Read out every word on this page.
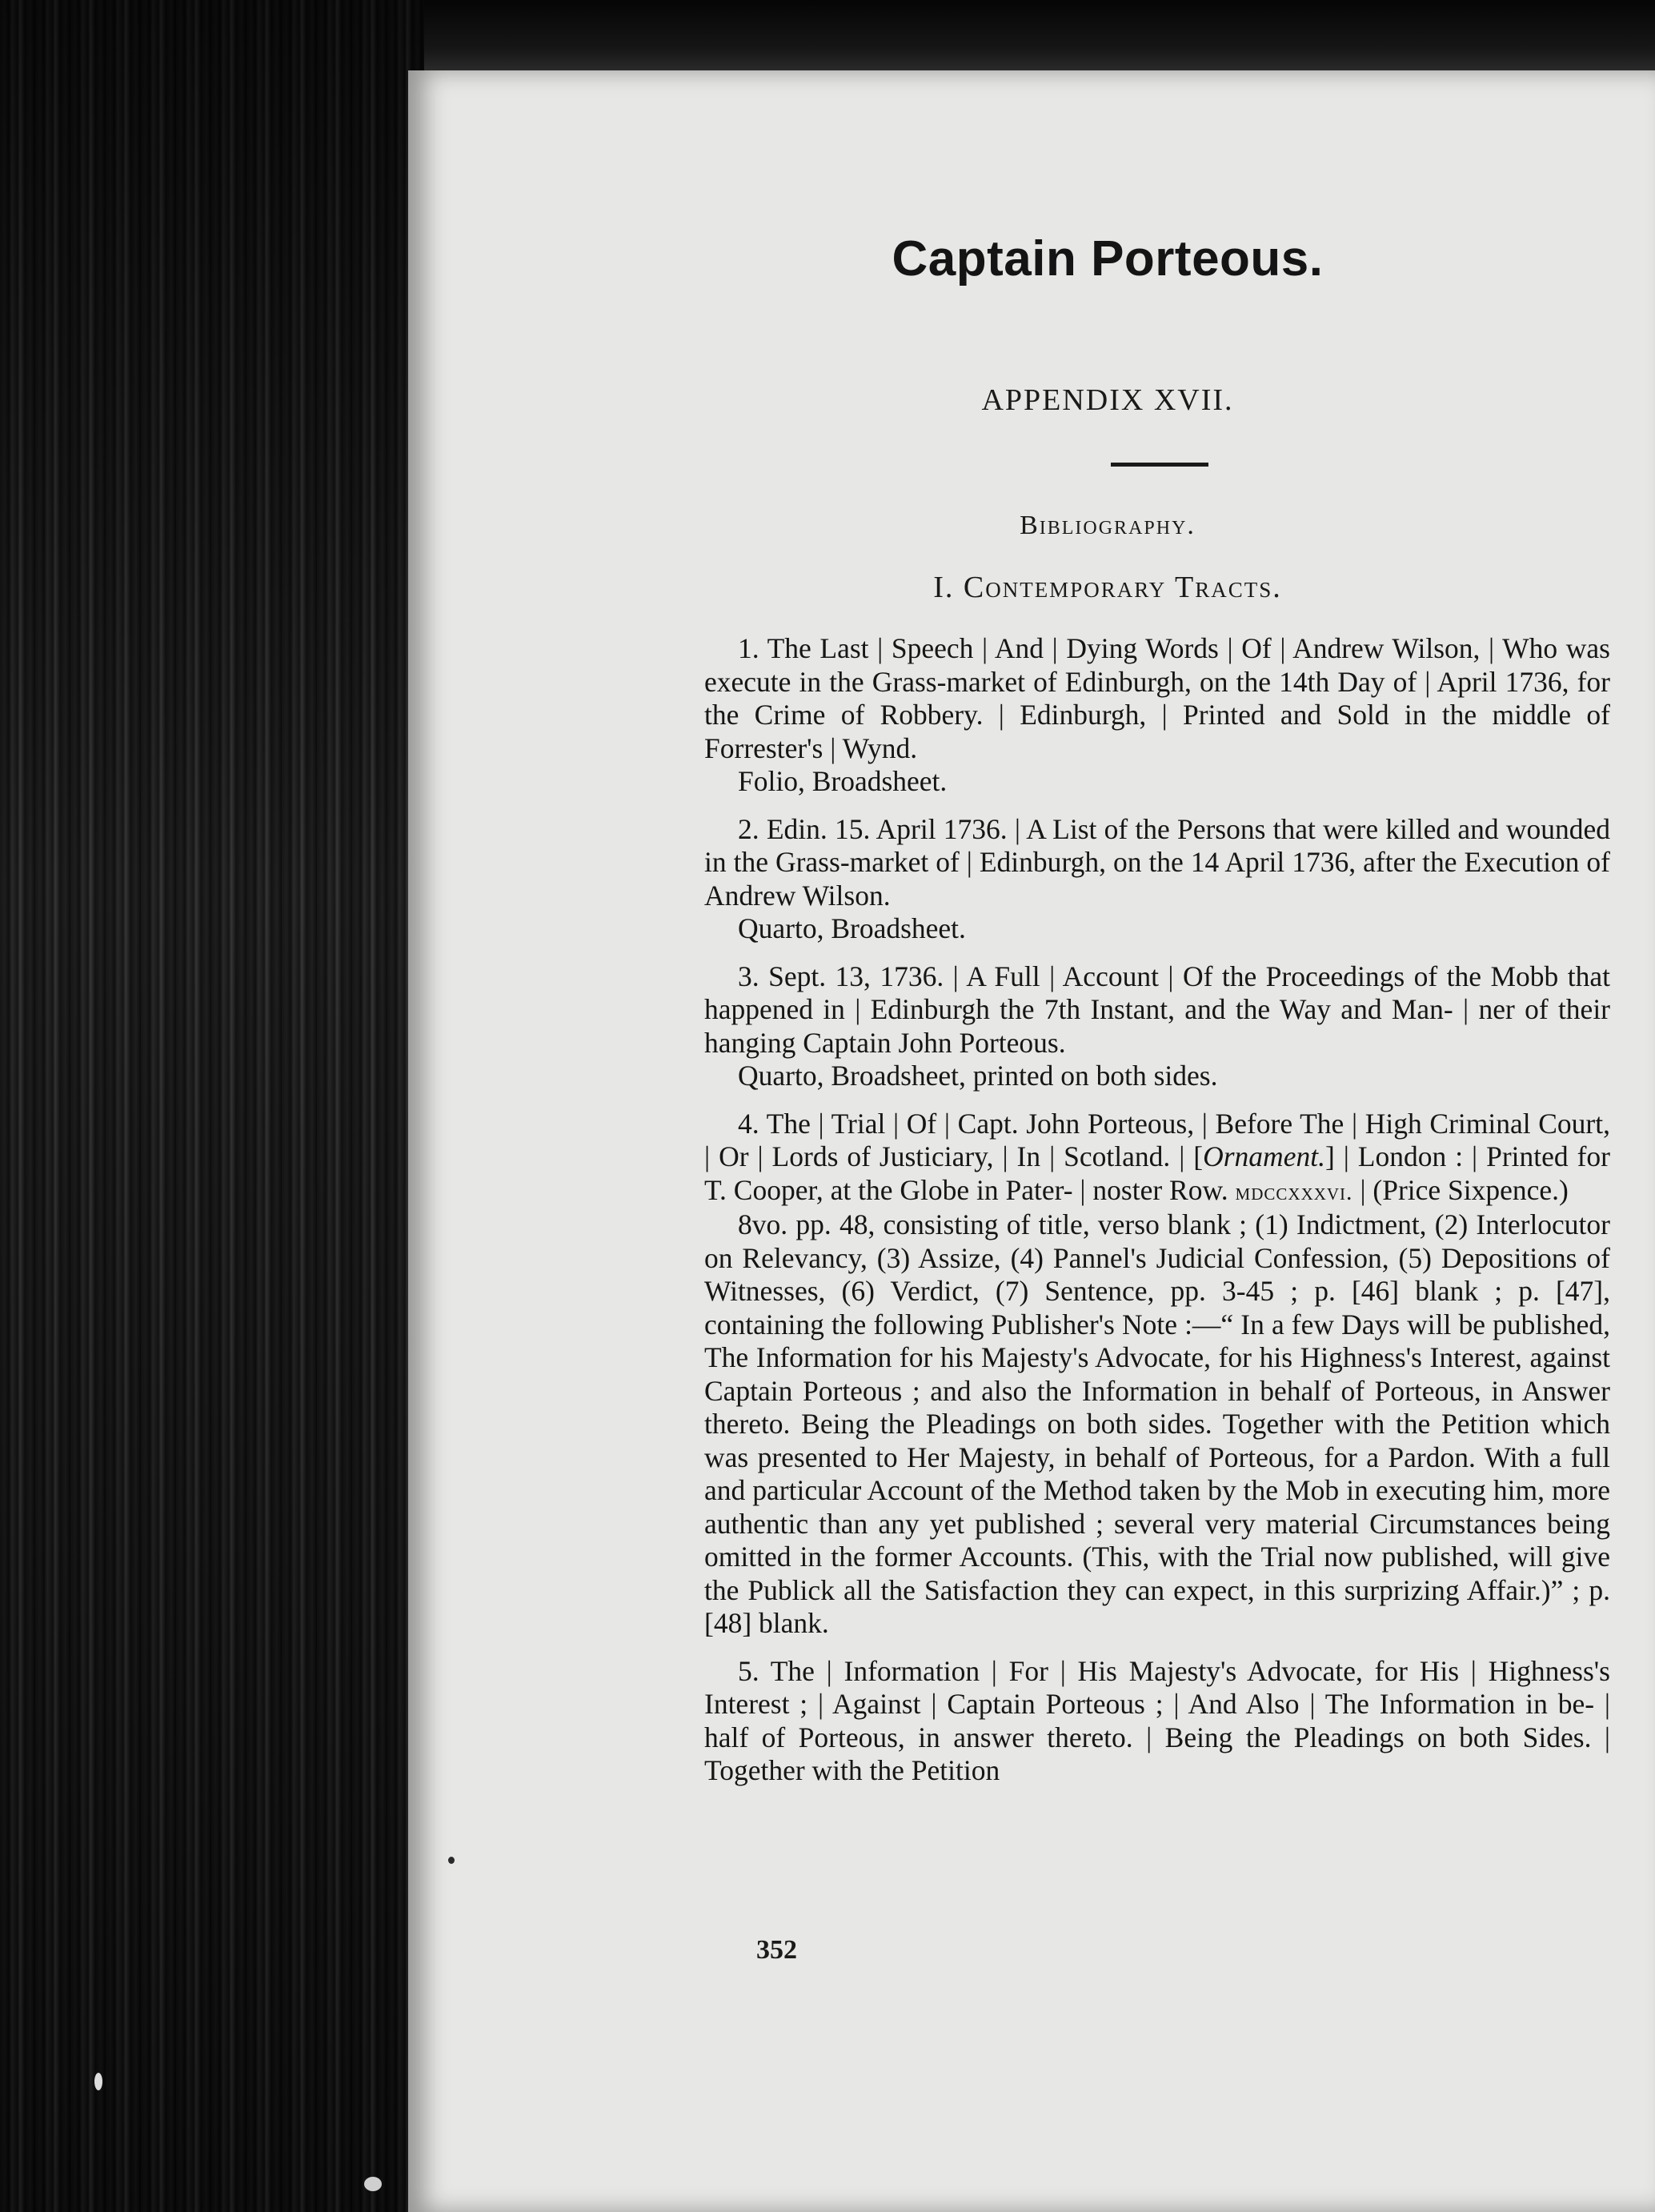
Captain Porteous.
APPENDIX XVII.
Bibliography.
I. Contemporary Tracts.

1. The Last | Speech | And | Dying Words | Of | Andrew Wilson, | Who was execute in the Grass-market of Edinburgh, on the 14th Day of | April 1736, for the Crime of Robbery. | Edinburgh, | Printed and Sold in the middle of Forrester's | Wynd.

Folio, Broadsheet.

2. Edin. 15. April 1736. | A List of the Persons that were killed and wounded in the Grass-market of | Edinburgh, on the 14 April 1736, after the Execution of Andrew Wilson.

Quarto, Broadsheet.

3. Sept. 13, 1736. | A Full | Account | Of the Proceedings of the Mobb that happened in | Edinburgh the 7th Instant, and the Way and Man- | ner of their hanging Captain John Porteous.

Quarto, Broadsheet, printed on both sides.

4. The | Trial | Of | Capt. John Porteous, | Before The | High Criminal Court, | Or | Lords of Justiciary, | In | Scotland. | [Ornament.] | London : | Printed for T. Cooper, at the Globe in Pater- | noster Row. mdccxxxvi. | (Price Sixpence.)

8vo. pp. 48, consisting of title, verso blank ; (1) Indictment, (2) Interlocutor on Relevancy, (3) Assize, (4) Pannel's Judicial Confession, (5) Depositions of Witnesses, (6) Verdict, (7) Sentence, pp. 3-45 ; p. [46] blank ; p. [47], containing the following Publisher's Note :—“ In a few Days will be published, The Information for his Majesty's Advocate, for his Highness's Interest, against Captain Porteous ; and also the Information in behalf of Porteous, in Answer thereto. Being the Pleadings on both sides. Together with the Petition which was presented to Her Majesty, in behalf of Porteous, for a Pardon. With a full and particular Account of the Method taken by the Mob in executing him, more authentic than any yet published ; several very material Circumstances being omitted in the former Accounts. (This, with the Trial now published, will give the Publick all the Satisfaction they can expect, in this surprizing Affair.)” ; p. [48] blank.

5. The | Information | For | His Majesty's Advocate, for His | Highness's Interest ; | Against | Captain Porteous ; | And Also | The Information in be- | half of Porteous, in answer thereto. | Being the Pleadings on both Sides. | Together with the Petition

352
